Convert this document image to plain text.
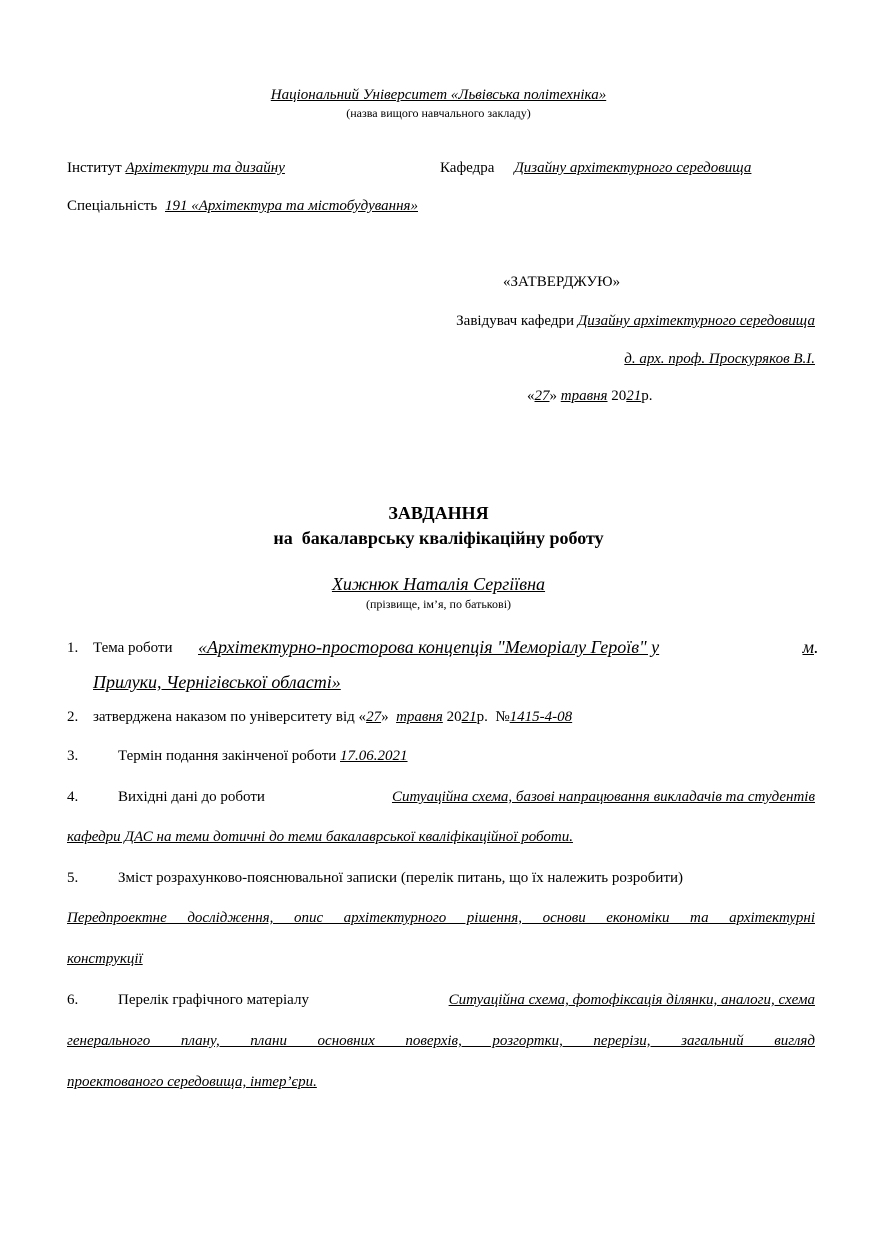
Національний Університет «Львівська політехніка»
(назва вищого навчального закладу)
Інститут Архітектури та дизайну	Кафедра Дизайну архітектурного середовища
Спеціальність 191 «Архітектура та містобудування»
«ЗАТВЕРДЖУЮ»
Завідувач кафедри Дизайну архітектурного середовища
д. арх. проф. Проскуряков В.І.
«27» травня 2021р.
ЗАВДАННЯ
на  бакалаврську кваліфікаційну роботу
Хижнюк Наталія Сергіївна
(прізвище, ім’я, по батькові)
1. Тема роботи «Архітектурно-просторова концепція "Меморіалу Героїв" у	м .
Прилуки, Чернігівської області»
2. затверджена наказом по університету від «27» травня 2021р.  №1415-4-08
3.	Термін подання закінченої роботи 17.06.2021
4.	Вихідні дані до роботи	Ситуаційна схема, базові напрацювання викладачів та студентів
кафедри ДАС на теми дотичні до теми бакалаврської кваліфікаційної роботи.
5.	Зміст розрахунково-пояснювальної записки (перелік питань, що їх належить розробити)
Передпроектне дослідження, опис архітектурного рішення, основи економіки та архітектурні
конструкції
6.	Перелік графічного матеріалу	Ситуаційна схема, фотофіксація ділянки, аналоги, схема
генерального плану, плани основних поверхів, розгортки, перерізи, загальний вигляд
проектованого середовища, інтер’єри.
